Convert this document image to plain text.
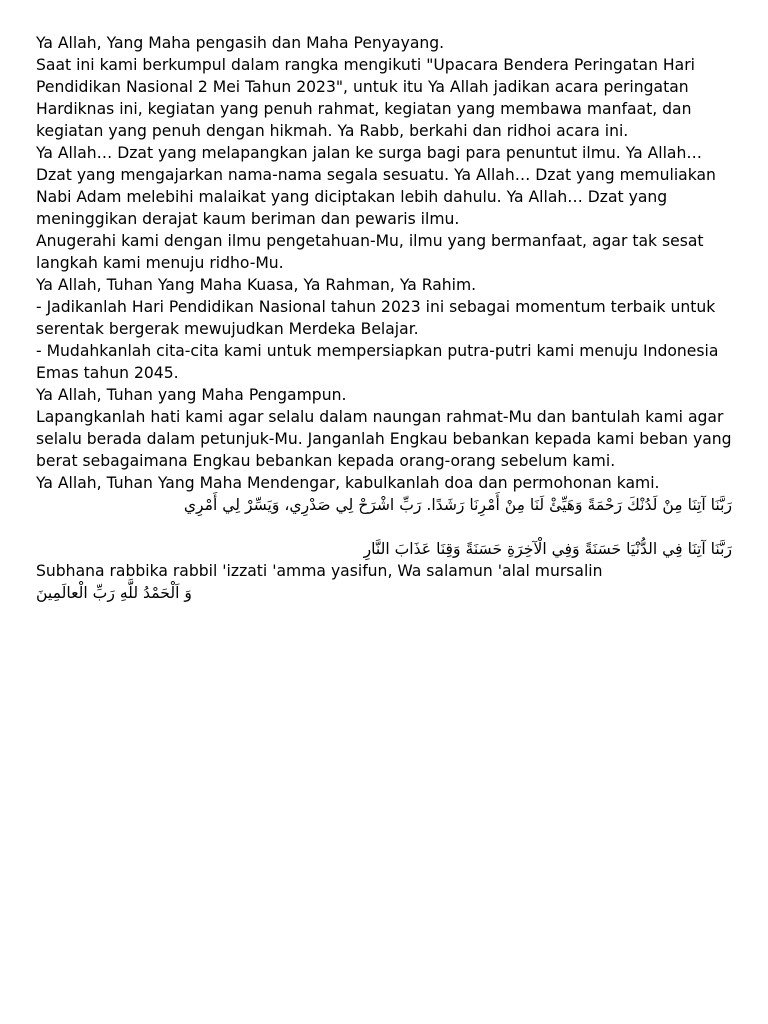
Ya Allah, Yang Maha pengasih dan Maha Penyayang.

Saat ini kami berkumpul dalam rangka mengikuti "Upacara Bendera Peringatan Hari Pendidikan Nasional 2 Mei Tahun 2023", untuk itu Ya Allah jadikan acara peringatan Hardiknas ini, kegiatan yang penuh rahmat, kegiatan yang membawa manfaat, dan kegiatan yang penuh dengan hikmah. Ya Rabb, berkahi dan ridhoi acara ini.

Ya Allah… Dzat yang melapangkan jalan ke surga bagi para penuntut ilmu. Ya Allah… Dzat yang mengajarkan nama-nama segala sesuatu. Ya Allah… Dzat yang memuliakan Nabi Adam melebihi malaikat yang diciptakan lebih dahulu. Ya Allah… Dzat yang meninggikan derajat kaum beriman dan pewaris ilmu.

Anugerahi kami dengan ilmu pengetahuan-Mu, ilmu yang bermanfaat, agar tak sesat langkah kami menuju ridho-Mu.

Ya Allah, Tuhan Yang Maha Kuasa, Ya Rahman, Ya Rahim.

- Jadikanlah Hari Pendidikan Nasional tahun 2023 ini sebagai momentum terbaik untuk serentak bergerak mewujudkan Merdeka Belajar.

- Mudahkanlah cita-cita kami untuk mempersiapkan putra-putri kami menuju Indonesia Emas tahun 2045.

Ya Allah, Tuhan yang Maha Pengampun.

Lapangkanlah hati kami agar selalu dalam naungan rahmat-Mu dan bantulah kami agar selalu berada dalam petunjuk-Mu. Janganlah Engkau bebankan kepada kami beban yang berat sebagaimana Engkau bebankan kepada orang-orang sebelum kami.

Ya Allah, Tuhan Yang Maha Mendengar, kabulkanlah doa dan permohonan kami.

رَبَّنَا آتِنَا مِنْ لَدُنْكَ رَحْمَةً وَهَيِّئْ لَنَا مِنْ أَمْرِنَا رَشَدًا. رَبِّ اشْرَحْ لِي صَدْرِي، وَيَسِّرْ لِي أَمْرِي

رَبَّنَا آتِنَا فِي الدُّنْيَا حَسَنَةً وَفِي الْآخِرَةِ حَسَنَةً وَقِنَا عَذَابَ النَّارِ

Subhana rabbika rabbil 'izzati 'amma yasifun, Wa salamun 'alal mursalin

وَ اَلْحَمْدُ للَّهِ رَبِّ الْعالَمِينَ
